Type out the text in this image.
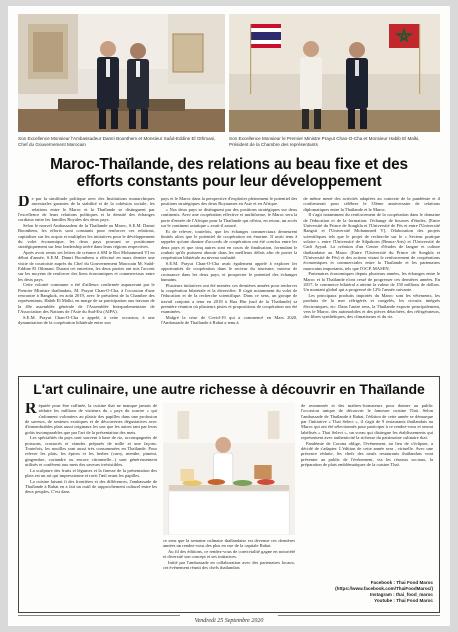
Son Excellence Monsieur l'Ambassadeur Damri Boonthem et Monsieur Saâd-Eddine El Othmani, Chef du Gouvernement Marocain
Son Excellence Monsieur le Premier Ministre Prayut Chan-O-Cha et Monsieur Habib El Malki, Président de la Chambre des représentants
Maroc-Thaïlande, des relations au beau fixe et des efforts constants pour leur développement
D e par la similitude politique avec des Institutions monarchiques ancestrales garantes de la stabilité et de la cohésion sociale, les relations entre le Maroc et la Thaïlande se distinguent par l'excellence de leurs relations politiques et la densité des échanges cordiaux entre les familles Royales des deux pays.

Selon le nouvel Ambassadeur de la Thaïlande au Maroc, S.E.M. Damri Boonthem, les efforts sont constants pour renforcer ces relations, capitaliser sur les acquis et multiplier les initiatives pour le développement du volet économique, les deux pays pouvant se positionner stratégiquement sur leur leadership avéré dans leurs régions respectives.

Après avoir remis ses lettres de créance à SM le Roi Mohammed VI en début d'année, S.E.M. Damri Boonthem a effectué en mars dernier une visite de courtoisie auprès du Chef du Gouvernement Marocain M. Saâd-Eddine El Othmani. Durant cet entretien, les deux parties ont mis l'accent sur les moyens de renforcer des liens économiques et commerciaux entre les deux pays.

Cette volonté commune a été d'ailleurs confirmée auparavant par le Premier Ministre thaïlandais, M. Prayut Chan-O-Cha, à l'occasion d'une rencontre à Bangkok, en août 2019, avec le président de la Chambre des représentants, Habib El Malki, en marge de sa participation aux travaux de la 40e assemblée générale de l'Assemblée Interparlementaire de l'Association des Nations de l'Asie du Sud-Est (AIPA).

S.E.M. Prayut Chan-O-Cha a appelé, à cette occasion, à une dynamisation de la coopération bilatérale entre son

pays et le Maroc dans la perspective d'exploiter pleinement le potentiel des positions stratégiques des deux Royaumes en Asie et en Afrique.

« Nos deux pays se distinguent par des positions stratégiques sur deux continents. Avec une coopération effective et multiforme, le Maroc sera la porte d'entrée de l'Afrique pour la Thaïlande qui offrira, en retour, un accès sur le continent asiatique » avait-il assuré.

Et de relever, toutefois, que les échanges commerciaux demeurent limités alors que le potentiel de coopération est énorme. Il avait tenu à rappeler qu'une dizaine d'accords de coopération ont été conclus entre les deux pays et que cinq autres sont en cours de finalisation, formulant le souhait qu'ils puissent aboutir dans les meilleurs délais afin de porter la coopération bilatérale au niveau souhaité.

S.E.M. Prayut Chan-O-Cha avait également appelé à explorer les opportunités de coopération dans le secteur du tourisme, moteur de croissance dans les deux pays, et prospecter le potentiel des échanges humains.

Plusieurs initiatives ont été menées ces dernières années pour renforcer la coopération bilatérale et la diversifier. Il s'agit notamment du volet de l'éducation et de la recherche scientifique. Dans ce sens, un groupe de travail conjoint a tenu en 2018 à Hua Hin (sud de la Thaïlande) sa première réunion où plusieurs pistes et propositions de coopération ont été examinées.

Malgré la crise de Covid-19 qui a commencé en Mars 2020, l'Ambassade de Thaïlande à Rabat a tenu à

de même mené des activités adaptées au contexte de la pandémie et il confirmerait pour célébrer le 35ème anniversaire de relations diplomatiques entre la Thaïlande et le Maroc.

Il s'agit notamment du renforcement de la coopération dans le domaine de l'éducation et de la formation: l'échange de bourses d'études, [Entre Université du Prince de Songkla et l'Université de Fès et entre l'Université Rangsit et l'Université Mohammed V], l'élaboration des projets scientifiques tels que le projet de recherche sur le « Secteur pratique solaire » entre l'Université de Silpakorn (Beaux-Arts) et l'Université de Cadi Ayyad. La création d'un Centre d'études de langue et culture thaïlandaise au Maroc (Entre l'Université du Prince de Songkla et l'Université de Fès) et des actions visant le renforcement de coopérations économiques et commerciales entre la Thaïlande et les partenaires marocains importants, tels que l'OCP, MASEN.

Partenaires économiques depuis plusieurs années, les échanges entre le Maroc et la Thaïlande n'ont cessé de progresser ces dernières années. En 2017, le commerce bilatéral a atteint la valeur de 150 millions de dollars. Un montant global qui a progressé de 12% l'année suivante.

Les principaux produits importés du Maroc sont les vêtements, les produits de la mer réfrigérés et congelés, les circuits intégrés électroniques, etc. Dans l'autre sens, la Thaïlande exporte principalement, vers le Maroc, des automobiles et des pièces détachées, des réfrigérateurs, des fibres synthétiques, des climatiseurs et du riz.

L'art culinaire, une autre richesse à découvrir en Thaïlande
R éputée pour être raffinée, la cuisine thaï ne manque jamais de séduire les millions de visiteurs du « pays du sourire » qui s'adonnent volontiers au plaisir des papilles dans une profusion de saveurs, de senteurs exotiques et de découvertes dégustatives avec d'innombrables plats aussi originaux les uns que les autres tant par leurs goûts incomparables que par l'art de la présentation des mets.

Les spécialités du pays sont souvent à base de riz, accompagnées de poissons, crustacés et viandes préparés de mille et une façons. Toutefois, les nouilles sont aussi très consommées en Thaïlande. Pour relever les plats, les épices et les herbes (curry, menthe, piment, gingembre, coriandre ou encore citronnelle...) sont généreusement utilisés et confèrent aux mets des saveurs irrésistibles.

La sculpture des fruits et légumes et la finesse de la présentation des plats est un art qui impressionne et ravit l'œil avant les papilles.

La cuisine faisant fi des frontières et des différences, l'ambassade de Thaïlande à Rabat en a fait un outil de rapprochement culturel entre les deux peuples. C'est dans

ce sens que la semaine culinaire thaïlandaise est devenue ces dernières années un rendez-vous des plus en vue de la capitale Rabat.

Au fil des éditions, ce rendez-vous de convivialité gagne en notoriété et diversité son concept et ses initiatives.

Initié par l'ambassade en collaboration avec des partenaires locaux, cet événement réunit des chefs thaïlandais

de renommée et des maîtres-formateurs pour donner au public l'occasion unique de découvrir le fameuse cuisine Thaï. Selon l'ambassade de Thaïlande à Rabat, l'édition de cette année se démarque par l'initiative « Thai Select », il s'agit de 9 restaurants thaïlandais au Maroc qui ont été sélectionnés pour participer à ce rendez-vous et seront labélisés « Thai Select », un sceau qui distingue les établissements qui représentent avec authenticité la richesse du patrimoine culinaire thaï.

Pandémie de Corona oblige, l'événement, au lieu de s'éclipser, a décidé de s'adapter. L'édition de cette année sera , virtuelle. Avec une présence réduite, les chefs des neufs restaurants thaïlandais vont présenter au public de l'événement, via les réseaux sociaux, la préparation de plats emblématiques de la cuisine Thaï.

Facebook : Thai Food Maroc
(https://www.facebook.com/ThaiFoodMaroc/)
Instagram : thai_food_maroc
Youtube : Thai Food Maroc
Vendredi 25 Septembre 2020
